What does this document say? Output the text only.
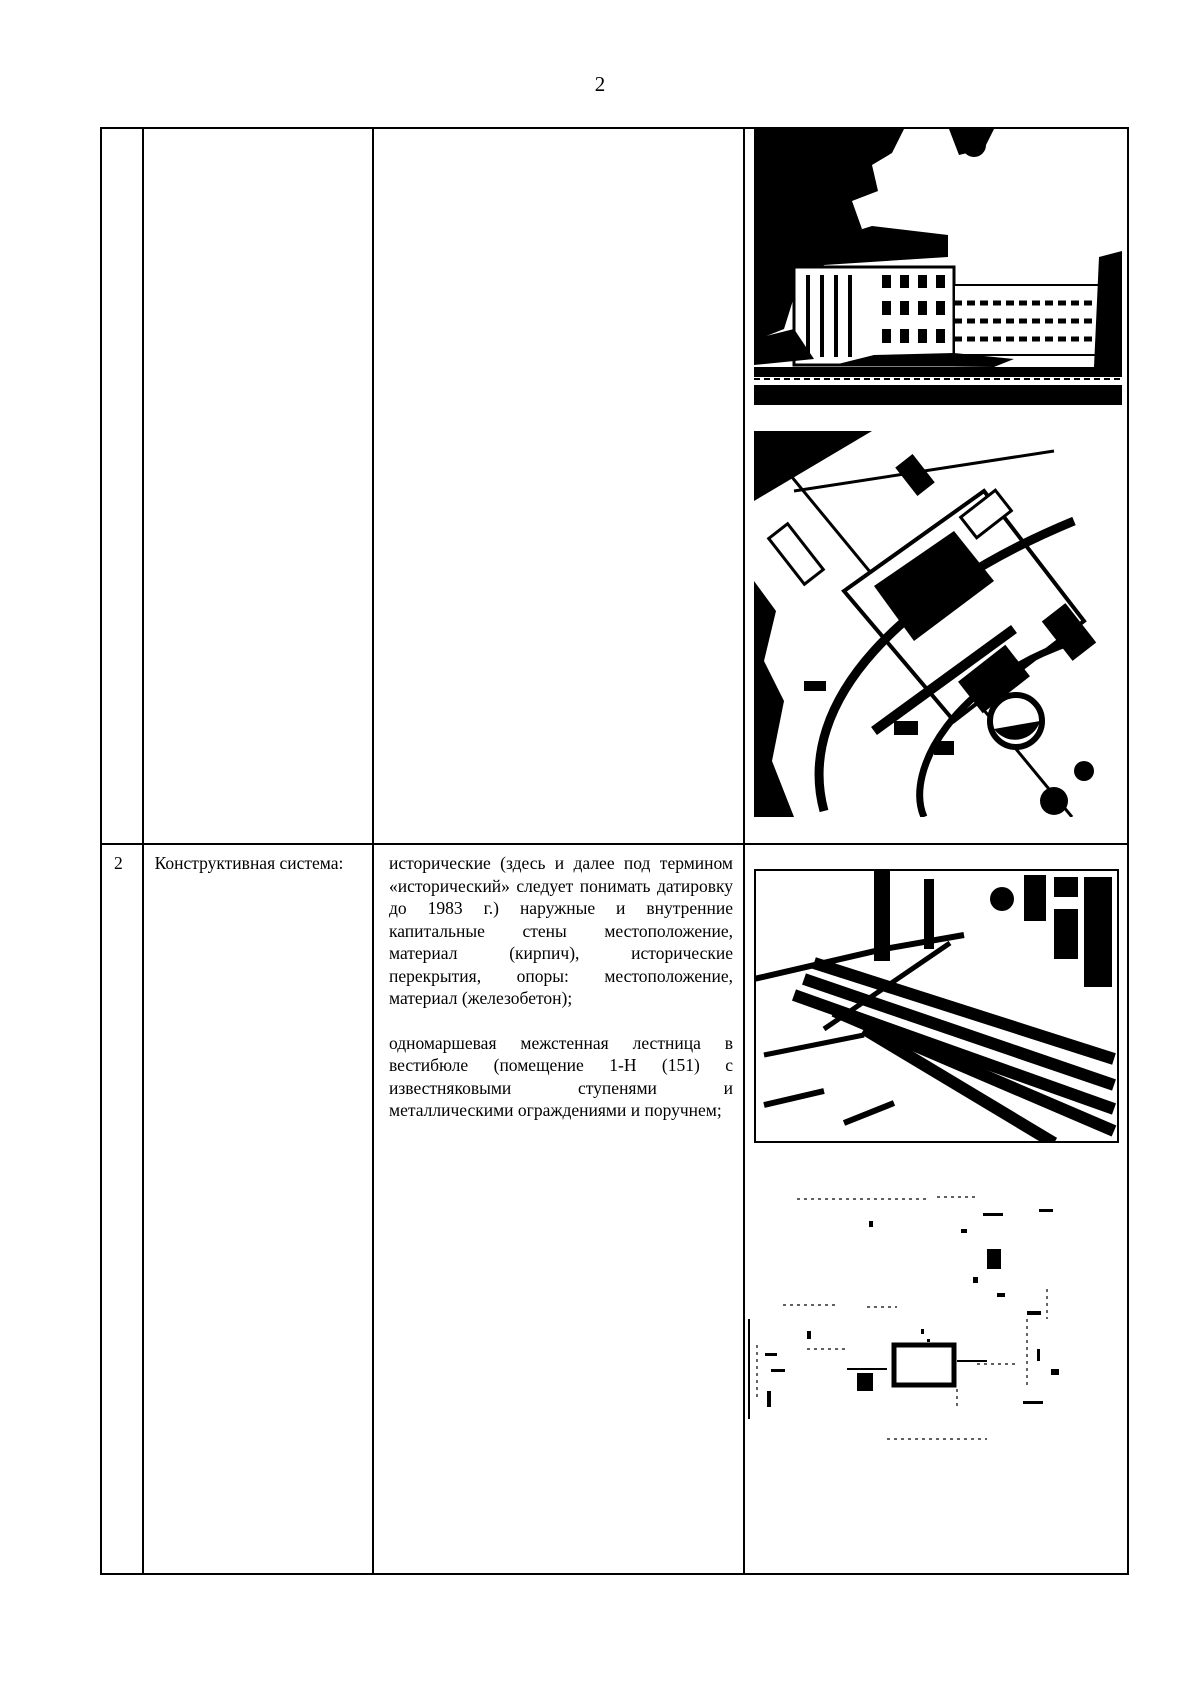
2
2	Конструктивная система:	исторические (здесь и далее под термином «исторический» следует понимать датировку до 1983 г.) наружные и внутренние капитальные стены местоположение, материал (кирпич), исторические перекрытия, опоры: местоположение, материал (железобетон);

одномаршевая межстенная лестница в вестибюле (помещение 1-Н (151) с известняковыми ступенями и металлическими ограждениями и поручнем;
